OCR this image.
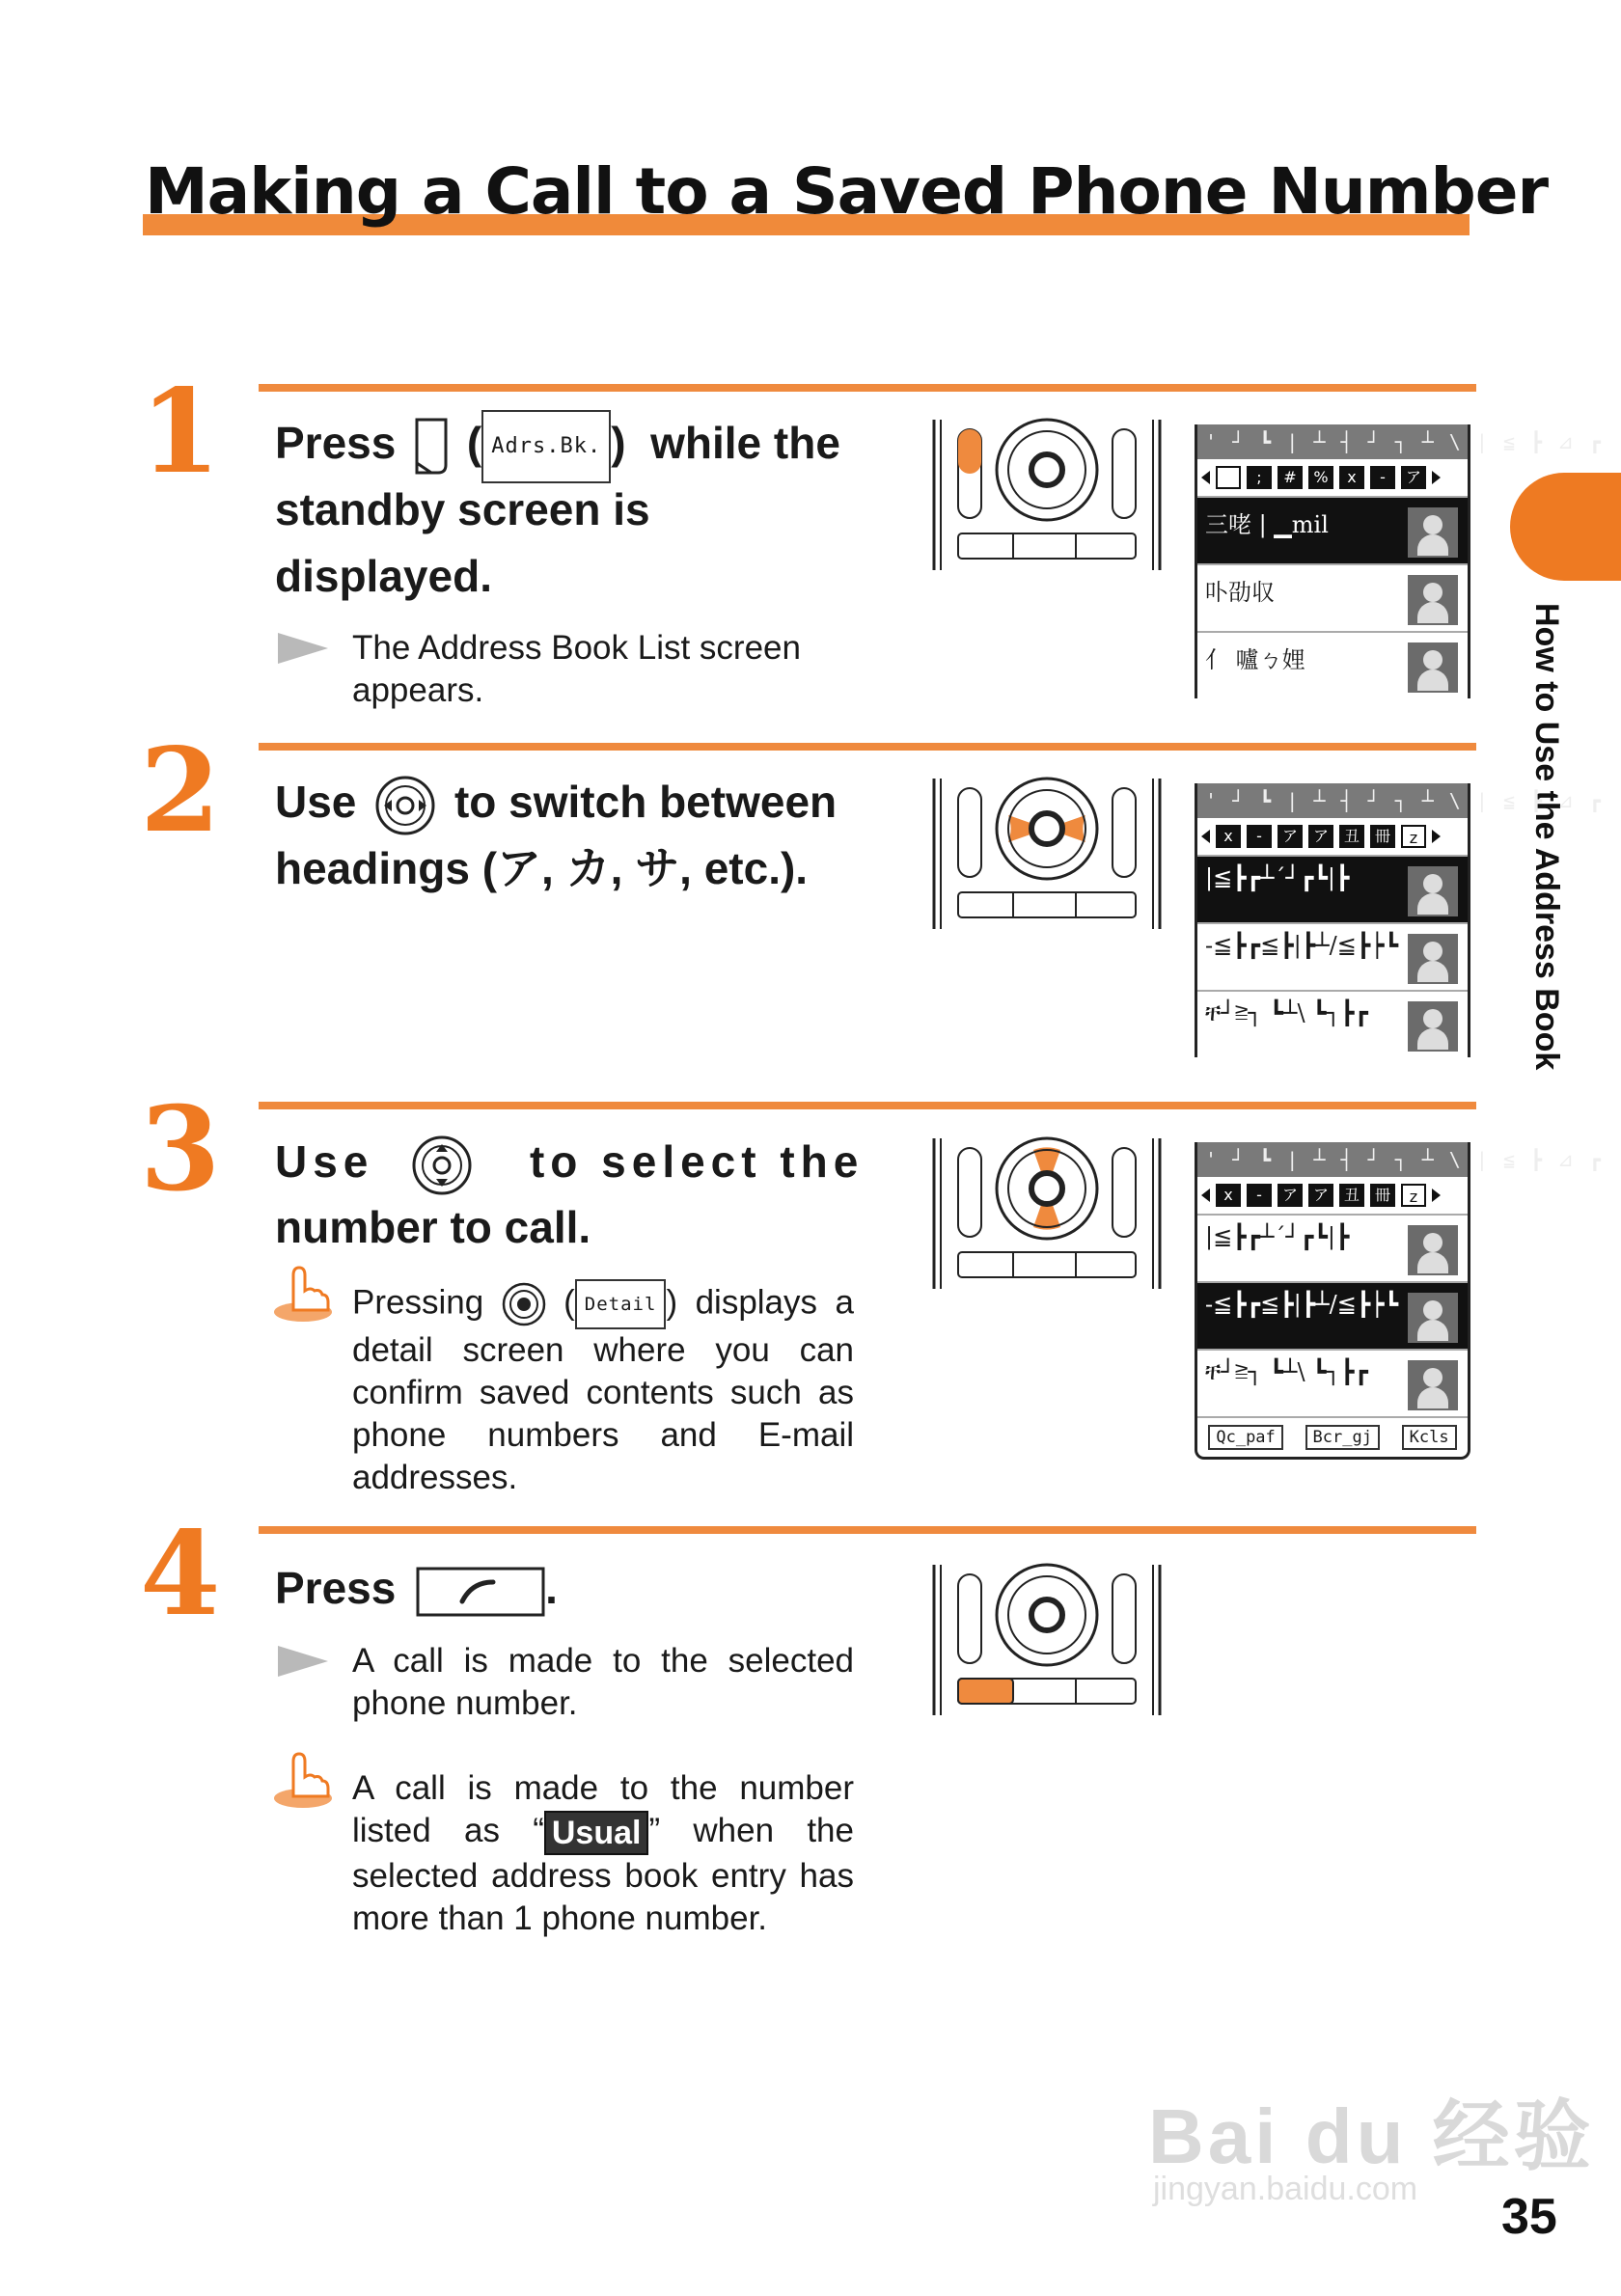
Making a Call to a Saved Phone Number
How to Use the Address Book
1 Press ( Adrs.Bk. ) while the
standby screen is
displayed.
The Address Book List screen appears.
' ┘ ┗ | ┴ ┤ ┘ ┐ ┴ \ | ≦ ┣ ⊿ ┏
;	#	%	x	-	ア
三咾 | ▁mil
卟劭収
亻 嚧ㄅ娌
2 Use to switch between
headings (ア, カ, サ, etc.).
' ┘ ┗ | ┴ ┤ ┘ ┐ ┴ \ | ≦ ┣ ⊿ ┏
x	-	ア ア 丑 冊	z
|≦┣┏┴´┘┏┗|┣
-≦┣┏≦┣|┣┴/≦┣┝┗
ቸ┘≧┐ ┗┴\ ┗┐┣┏
3 Use	to select the
number to call.
Pressing  ( Detail ) displays a detail screen where you can confirm saved contents such as phone numbers and E-mail addresses.
' ┘ ┗ | ┴ ┤ ┘ ┐ ┴ \ | ≦ ┣ ⊿ ┏
x	-	ア ア 丑 冊	z
|≦┣┏┴´┘┏┗|┣
-≦┣┏≦┣|┣┴/≦┣┝┗
ቸ┘≧┐ ┗┴\ ┗┐┣┏
Qc_paf	Bcr_gj	Kcls
4 Press	.
A call is made to the selected phone number.
A call is made to the number listed as “ Usual ” when the selected address book entry has more than 1 phone number.
Bai du 经验
jingyan.baidu.com 35
